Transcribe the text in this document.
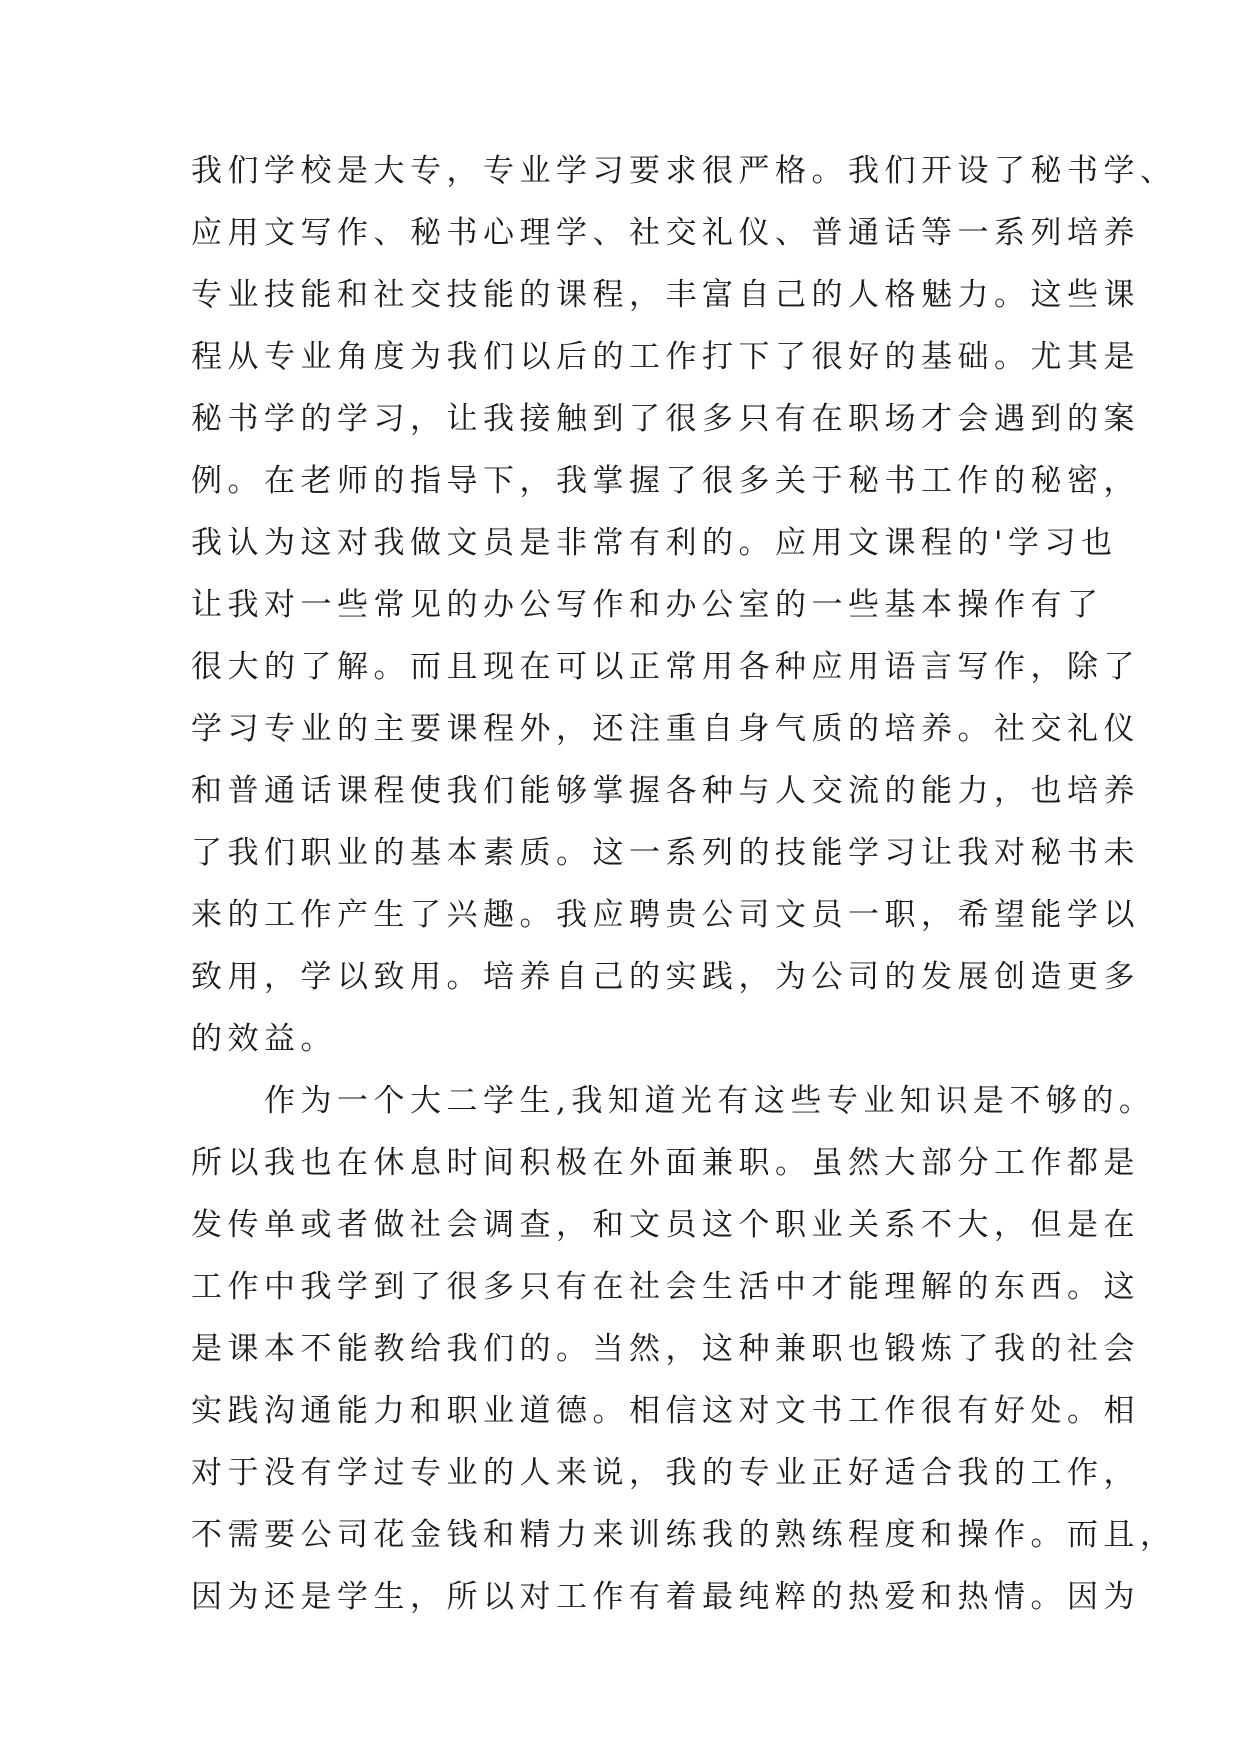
我们学校是大专，专业学习要求很严格。我们开设了秘书学、
应用文写作、秘书心理学、社交礼仪、普通话等一系列培养
专业技能和社交技能的课程，丰富自己的人格魅力。这些课
程从专业角度为我们以后的工作打下了很好的基础。尤其是
秘书学的学习，让我接触到了很多只有在职场才会遇到的案
例。在老师的指导下，我掌握了很多关于秘书工作的秘密，
我认为这对我做文员是非常有利的。应用文课程的'学习也
让我对一些常见的办公写作和办公室的一些基本操作有了
很大的了解。而且现在可以正常用各种应用语言写作，除了
学习专业的主要课程外，还注重自身气质的培养。社交礼仪
和普通话课程使我们能够掌握各种与人交流的能力，也培养
了我们职业的基本素质。这一系列的技能学习让我对秘书未
来的工作产生了兴趣。我应聘贵公司文员一职，希望能学以
致用，学以致用。培养自己的实践，为公司的发展创造更多
的效益。
　　作为一个大二学生,我知道光有这些专业知识是不够的。
所以我也在休息时间积极在外面兼职。虽然大部分工作都是
发传单或者做社会调查，和文员这个职业关系不大，但是在
工作中我学到了很多只有在社会生活中才能理解的东西。这
是课本不能教给我们的。当然，这种兼职也锻炼了我的社会
实践沟通能力和职业道德。相信这对文书工作很有好处。相
对于没有学过专业的人来说，我的专业正好适合我的工作，
不需要公司花金钱和精力来训练我的熟练程度和操作。而且，
因为还是学生，所以对工作有着最纯粹的热爱和热情。因为
